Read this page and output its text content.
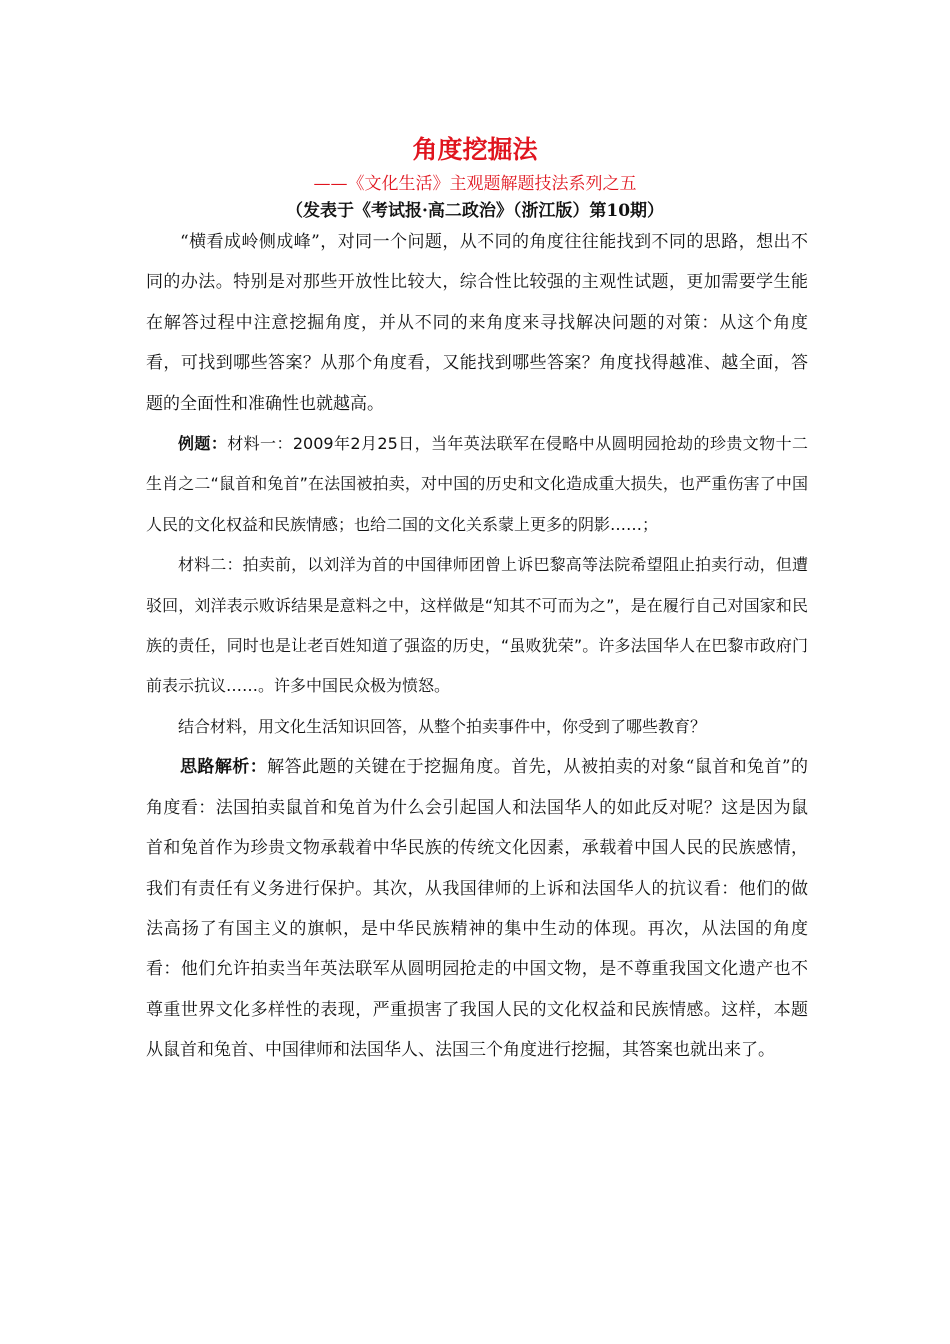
角度挖掘法
——《文化生活》主观题解题技法系列之五
（发表于《考试报·高二政治》（浙江版）第10期）

“横看成岭侧成峰”，对同一个问题，从不同的角度往往能找到不同的思路，想出不同的办法。特别是对那些开放性比较大，综合性比较强的主观性试题，更加需要学生能在解答过程中注意挖掘角度，并从不同的来角度来寻找解决问题的对策：从这个角度看，可找到哪些答案？从那个角度看，又能找到哪些答案？角度找得越准、越全面，答题的全面性和准确性也就越高。

例题：材料一：2009年2月25日，当年英法联军在侵略中从圆明园抢劫的珍贵文物十二生肖之二“鼠首和兔首”在法国被拍卖，对中国的历史和文化造成重大损失，也严重伤害了中国人民的文化权益和民族情感；也给二国的文化关系蒙上更多的阴影……；

材料二：拍卖前，以刘洋为首的中国律师团曾上诉巴黎高等法院希望阻止拍卖行动，但遭驳回，刘洋表示败诉结果是意料之中，这样做是“知其不可而为之”，是在履行自己对国家和民族的责任，同时也是让老百姓知道了强盗的历史，“虽败犹荣”。许多法国华人在巴黎市政府门前表示抗议……。许多中国民众极为愤怒。

结合材料，用文化生活知识回答，从整个拍卖事件中，你受到了哪些教育？

思路解析：解答此题的关键在于挖掘角度。首先，从被拍卖的对象“鼠首和兔首”的角度看：法国拍卖鼠首和兔首为什么会引起国人和法国华人的如此反对呢？这是因为鼠首和兔首作为珍贵文物承载着中华民族的传统文化因素，承载着中国人民的民族感情，我们有责任有义务进行保护。其次，从我国律师的上诉和法国华人的抗议看：他们的做法高扬了有国主义的旗帜，是中华民族精神的集中生动的体现。再次，从法国的角度看：他们允许拍卖当年英法联军从圆明园抢走的中国文物，是不尊重我国文化遗产也不尊重世界文化多样性的表现，严重损害了我国人民的文化权益和民族情感。这样，本题从鼠首和兔首、中国律师和法国华人、法国三个角度进行挖掘，其答案也就出来了。
